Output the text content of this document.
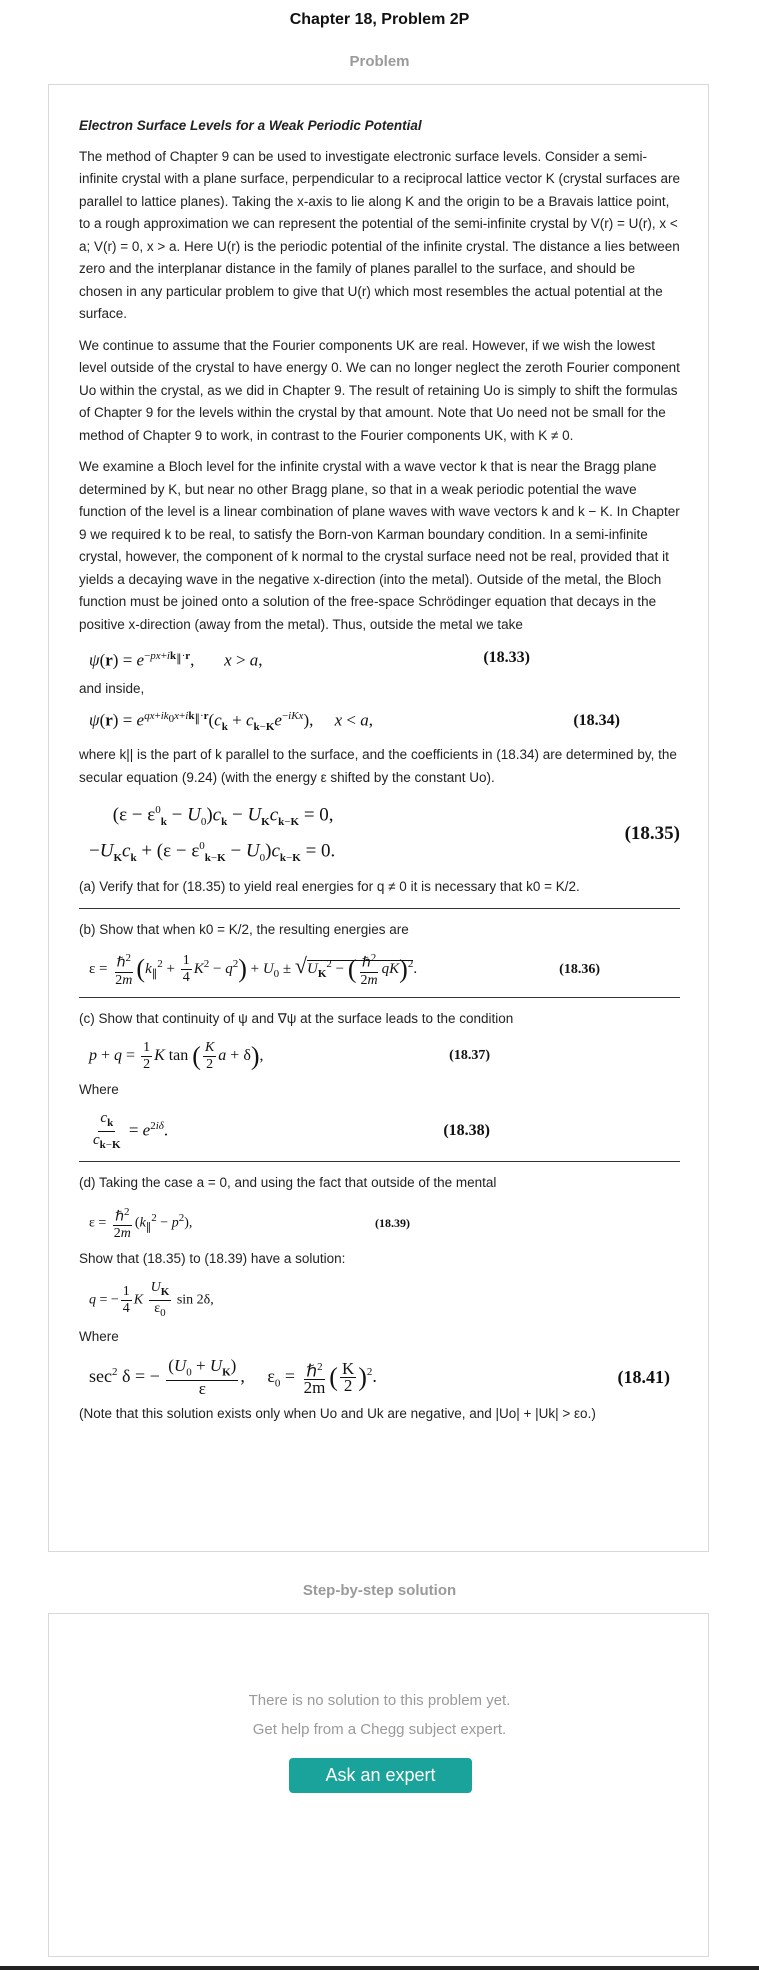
Chapter 18, Problem 2P
Problem

Electron Surface Levels for a Weak Periodic Potential

The method of Chapter 9 can be used to investigate electronic surface levels. Consider a semi-infinite crystal with a plane surface, perpendicular to a reciprocal lattice vector K (crystal surfaces are parallel to lattice planes). Taking the x-axis to lie along K and the origin to be a Bravais lattice point, to a rough approximation we can represent the potential of the semi-infinite crystal by V(r) = U(r), x < a; V(r) = 0, x > a. Here U(r) is the periodic potential of the infinite crystal. The distance a lies between zero and the interplanar distance in the family of planes parallel to the surface, and should be chosen in any particular problem to give that U(r) which most resembles the actual potential at the surface.

We continue to assume that the Fourier components UK are real. However, if we wish the lowest level outside of the crystal to have energy 0. We can no longer neglect the zeroth Fourier component Uo within the crystal, as we did in Chapter 9. The result of retaining Uo is simply to shift the formulas of Chapter 9 for the levels within the crystal by that amount. Note that Uo need not be small for the method of Chapter 9 to work, in contrast to the Fourier components UK, with K ≠ 0.

We examine a Bloch level for the infinite crystal with a wave vector k that is near the Bragg plane determined by K, but near no other Bragg plane, so that in a weak periodic potential the wave function of the level is a linear combination of plane waves with wave vectors k and k − K. In Chapter 9 we required k to be real, to satisfy the Born-von Karman boundary condition. In a semi-infinite crystal, however, the component of k normal to the crystal surface need not be real, provided that it yields a decaying wave in the negative x-direction (into the metal). Outside of the metal, the Bloch function must be joined onto a solution of the free-space Schrödinger equation that decays in the positive x-direction (away from the metal). Thus, outside the metal we take

$\psi(r) = e^{-px+ik_\parallel\cdot r}$,       x > a,	(18.33)

and inside,

$\psi(r) = e^{qx+ik_0x+ik_\parallel\cdot r}(c_k + c_{k-K}e^{-iKx})$,     x < a,	(18.34)

where k|| is the part of k parallel to the surface, and the coefficients in (18.34) are determined by, the secular equation (9.24) (with the energy ε shifted by the constant Uo).

$(\varepsilon - \varepsilon^0_k - U_0)c_k - U_Kc_{k-K} = 0$,
$-U_Kc_k + (\varepsilon - \varepsilon^0_{k-K} - U_0)c_{k-K} = 0$.
(18.35)

(a) Verify that for (18.35) to yield real energies for q ≠ 0 it is necessary that k0 = K/2.

(b) Show that when k0 = K/2, the resulting energies are

$\varepsilon = \frac{\hbar^2}{2m} (k_\parallel^2 + \frac{1}{4} K^2 - q^2) + U_0 \pm √U_K^2$ − ( $\frac{\hbar^2}{2m} qK)^2$.	(18.36)

(c) Show that continuity of ψ and ∇ψ at the surface leads to the condition

$p + q = \frac{1}{2}$ K tan ( $\frac{K}{2}$ a + δ),	(18.37)

Where

$\frac{c_k}{c_{k-K}} = e^{2i\delta}$.	(18.38)

(d) Taking the case a = 0, and using the fact that outside of the mental

$\varepsilon = \frac{\hbar^2}{2m} (k_\parallel^2 - p^2)$,	(18.39)

Show that (18.35) to (18.39) have a solution:

q = − $\frac{1}{4}$ K $\frac{U_K}{\varepsilon_0}$ sin 2δ,

Where

$\sec^2 \delta$ = − $\frac{(U_0 + U_K)}{\varepsilon}$ ,     $\varepsilon_0 = \frac{\hbar^2}{2m}$ ( $\frac{K}{2} )^2$.	(18.41)

(Note that this solution exists only when Uo and Uk are negative, and |Uo| + |Uk| > εo.)

Step-by-step solution
There is no solution to this problem yet.
Get help from a Chegg subject expert.
Ask an expert
